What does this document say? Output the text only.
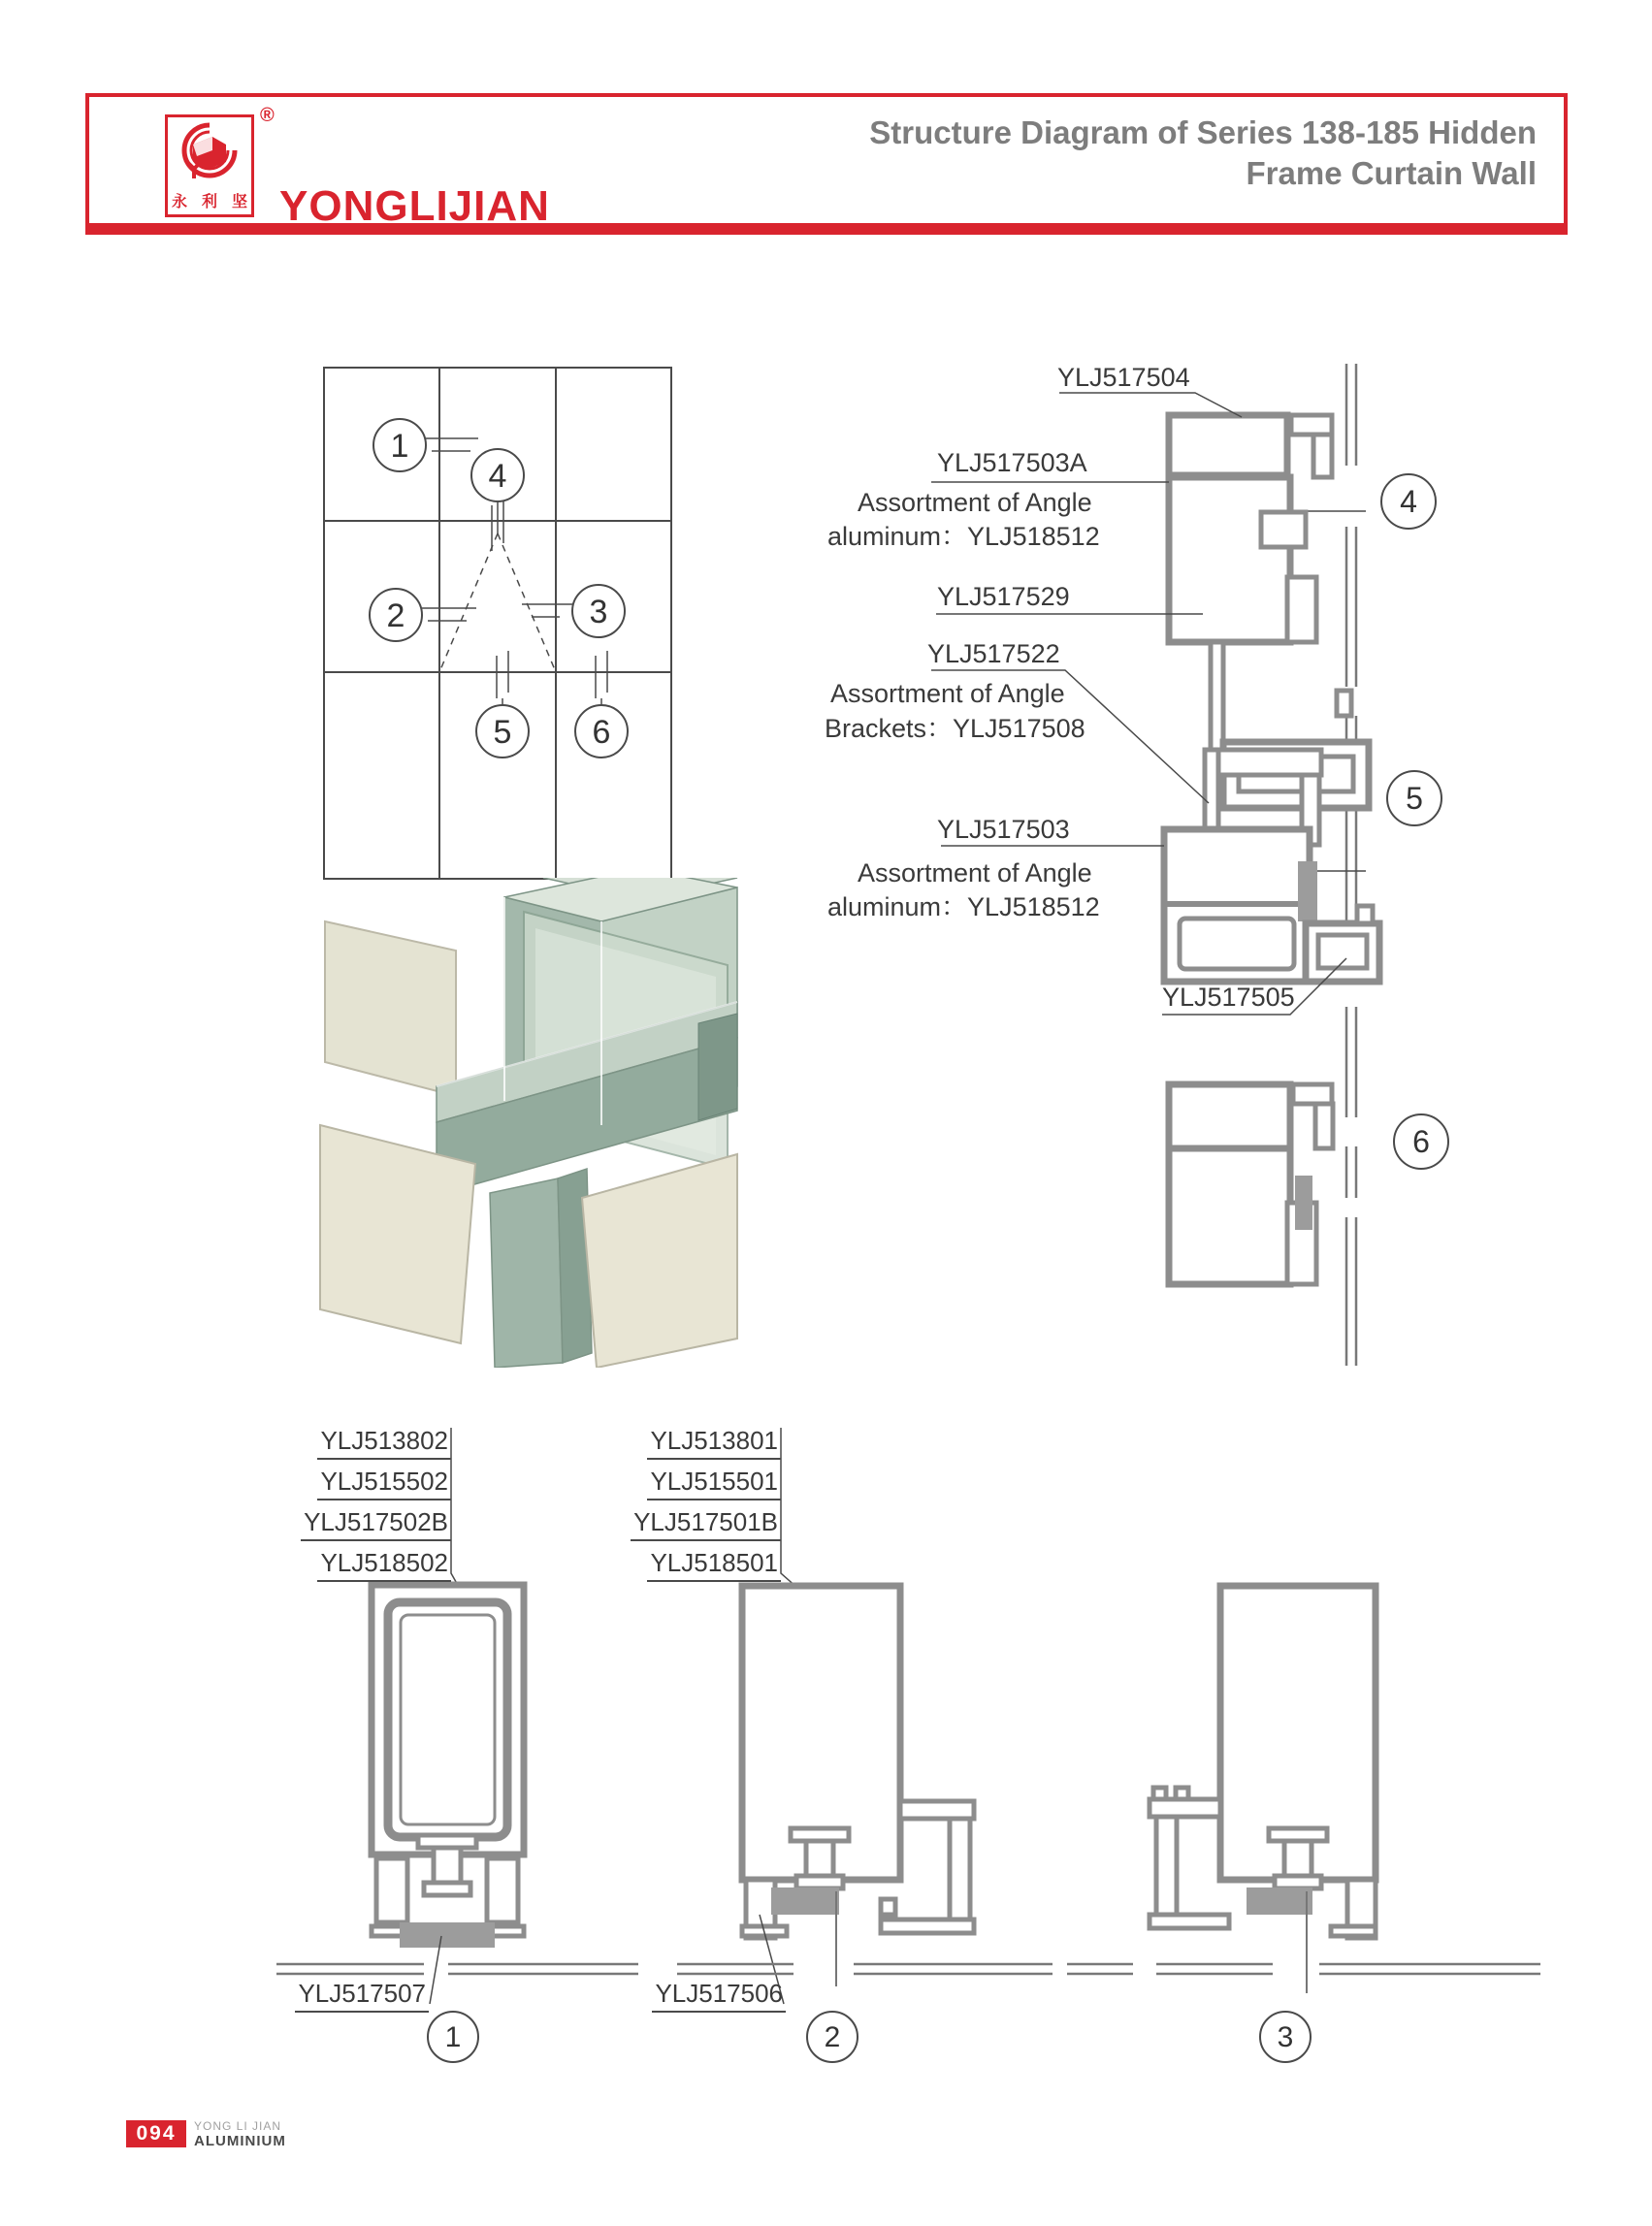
永 利 坚
®
YONGLIJIAN
Structure Diagram of Series 138-185 Hidden
Frame Curtain Wall
1
4
2	3
5 6
4
5
6
YLJ517504
YLJ517503A
Assortment of Angle
aluminum：YLJ518512
YLJ517529
YLJ517522
Assortment of Angle
Brackets：YLJ517508
YLJ517503
Assortment of Angle
aluminum：YLJ518512
YLJ517505
1	2	3
YLJ513802
YLJ515502
YLJ517502B
YLJ518502
YLJ513801
YLJ515501
YLJ517501B
YLJ518501
YLJ517507	YLJ517506
094	YONG LI JIAN
ALUMINIUM
